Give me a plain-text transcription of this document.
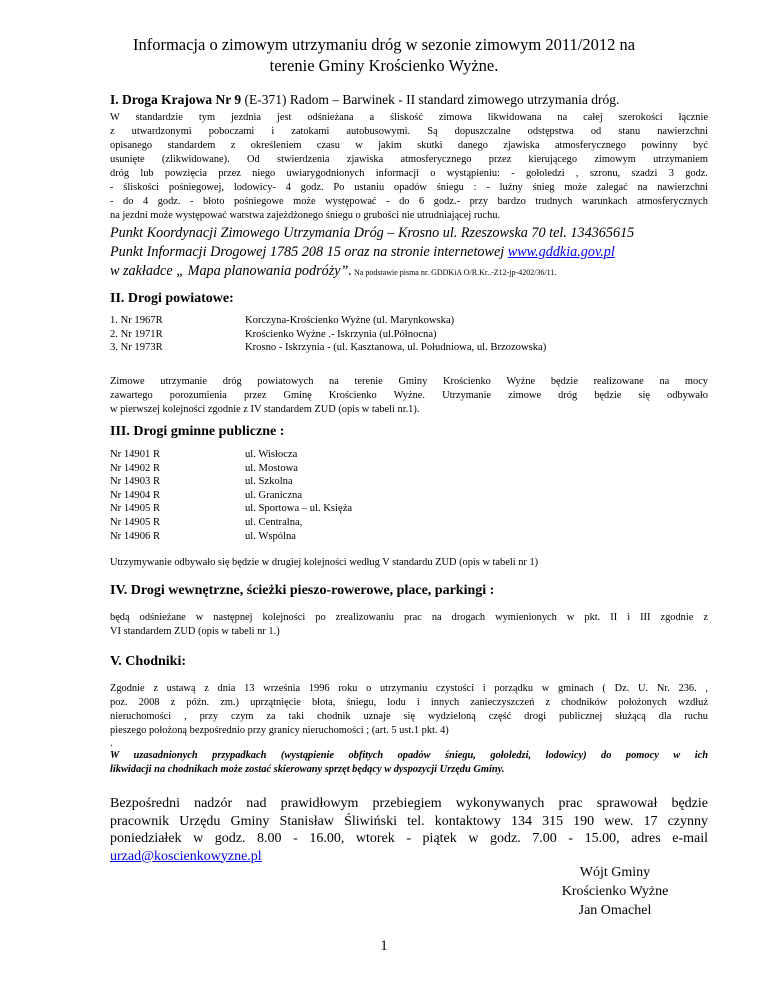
Informacja o zimowym utrzymaniu dróg w sezonie zimowym 2011/2012 na
terenie Gminy Krościenko Wyżne.
I. Droga Krajowa Nr 9 (E-371) Radom – Barwinek - II standard zimowego utrzymania dróg.

W standardzie tym jezdnia jest odśnieżana a śliskość zimowa likwidowana na całej szerokości łącznie

z utwardzonymi poboczami i zatokami autobusowymi. Są dopuszczalne odstępstwa od stanu nawierzchni

opisanego standardem z określeniem czasu w jakim skutki danego zjawiska atmosferycznego powinny być

usunięte (zlikwidowane). Od stwierdzenia zjawiska atmosferycznego przez kierującego zimowym utrzymaniem

dróg lub powzięcia przez niego uwiarygodnionych informacji o wystąpieniu: - gołoledzi , szronu, szadzi 3 godz.

- śliskości pośniegowej, lodowicy- 4 godz. Po ustaniu opadów śniegu : - luźny śnieg może zalegać na nawierzchni

- do 4 godz. - błoto pośniegowe może występować - do 6 godz.- przy bardzo trudnych warunkach atmosferycznych

na jezdni może występować warstwa zajeżdżonego śniegu o grubości nie utrudniającej ruchu.

Punkt Koordynacji Zimowego Utrzymania Dróg – Krosno ul. Rzeszowska 70 tel. 134365615
Punkt Informacji Drogowej 1785 208 15 oraz na stronie internetowej www.gddkia.gov.pl
w zakładce „ Mapa planowania podróży”. Na podstawie pisma nr. GDDKiA O/R.Kr..-Z12-jp-4202/36/11.
II. Drogi powiatowe:
1. Nr 1967R	Korczyna-Krościenko Wyżne (ul. Marynkowska)
2. Nr 1971R	Krościenko Wyżne .- Iskrzynia (ul.Północna)
3. Nr 1973R	Krosno - Iskrzynia - (ul. Kasztanowa, ul. Południowa, ul. Brzozowska)

Zimowe utrzymanie dróg powiatowych na terenie Gminy Krościenko Wyżne będzie realizowane na mocy

zawartego porozumienia przez Gminę Krościenko Wyżne. Utrzymanie zimowe dróg będzie się odbywało

w pierwszej kolejności zgodnie z IV standardem ZUD (opis w tabeli nr.1).

III. Drogi gminne publiczne :
Nr 14901 R	ul. Wisłocza
Nr 14902 R	ul. Mostowa
Nr 14903 R	ul. Szkolna
Nr 14904 R	ul. Graniczna
Nr 14905 R	ul. Sportowa – ul. Księża
Nr 14905 R	ul. Centralna,
Nr 14906 R	ul. Wspólna
Utrzymywanie odbywało się będzie w drugiej kolejności według V standardu ZUD (opis w tabeli nr 1)
IV. Drogi wewnętrzne, ścieżki pieszo-rowerowe, place, parkingi :

będą odśnieżane w następnej kolejności po zrealizowaniu prac na drogach wymienionych w pkt. II i III zgodnie z

VI standardem ZUD (opis w tabeli nr 1.)

V. Chodniki:

Zgodnie z ustawą z dnia 13 września 1996 roku o utrzymaniu czystości i porządku w gminach ( Dz. U. Nr. 236. ,

poz. 2008 z późn. zm.) uprzątnięcie błota, śniegu, lodu i innych zanieczyszczeń z chodników położonych wzdłuż

nieruchomości , przy czym za taki chodnik uznaje się wydzieloną część drogi publicznej służącą dla ruchu

pieszego położoną bezpośrednio przy granicy nieruchomości ; (art. 5 ust.1 pkt. 4)

.

W uzasadnionych przypadkach (wystąpienie obfitych opadów śniegu, gołoledzi, lodowicy) do pomocy w ich

likwidacji na chodnikach może zostać skierowany sprzęt będący w dyspozycji Urzędu Gminy.

Bezpośredni nadzór nad prawidłowym przebiegiem wykonywanych prac sprawował będzie
pracownik Urzędu Gminy Stanisław Śliwiński tel. kontaktowy 134 315 190 wew. 17 czynny
poniedziałek w godz. 8.00 - 16.00, wtorek - piątek w godz. 7.00 - 15.00, adres e-mail
urzad@koscienkowyzne.pl
Wójt Gminy
Krościenko Wyżne
Jan Omachel
1
